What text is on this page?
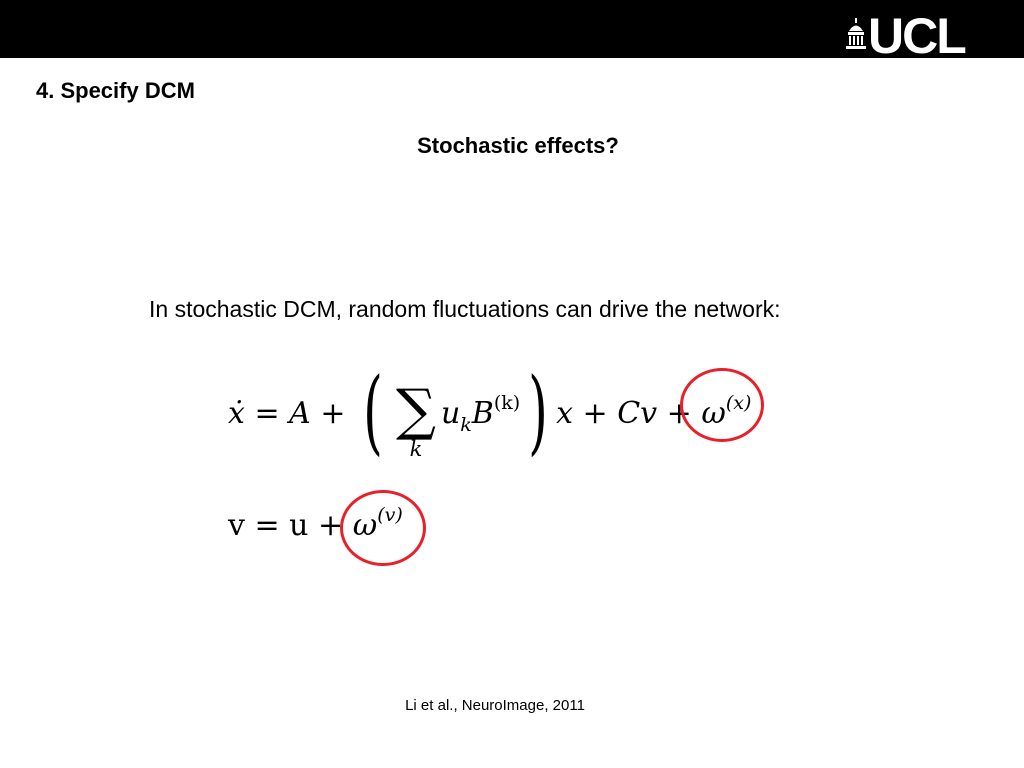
UCL
4. Specify DCM
Stochastic effects?
In stochastic DCM, random fluctuations can drive the network:
ẋ = A + ( ∑
k
$u_kB^{(k)}$) $x + Cv + \omega^{(x)}$
$v = u + \omega^{(v)}$
Li et al., NeuroImage, 2011
